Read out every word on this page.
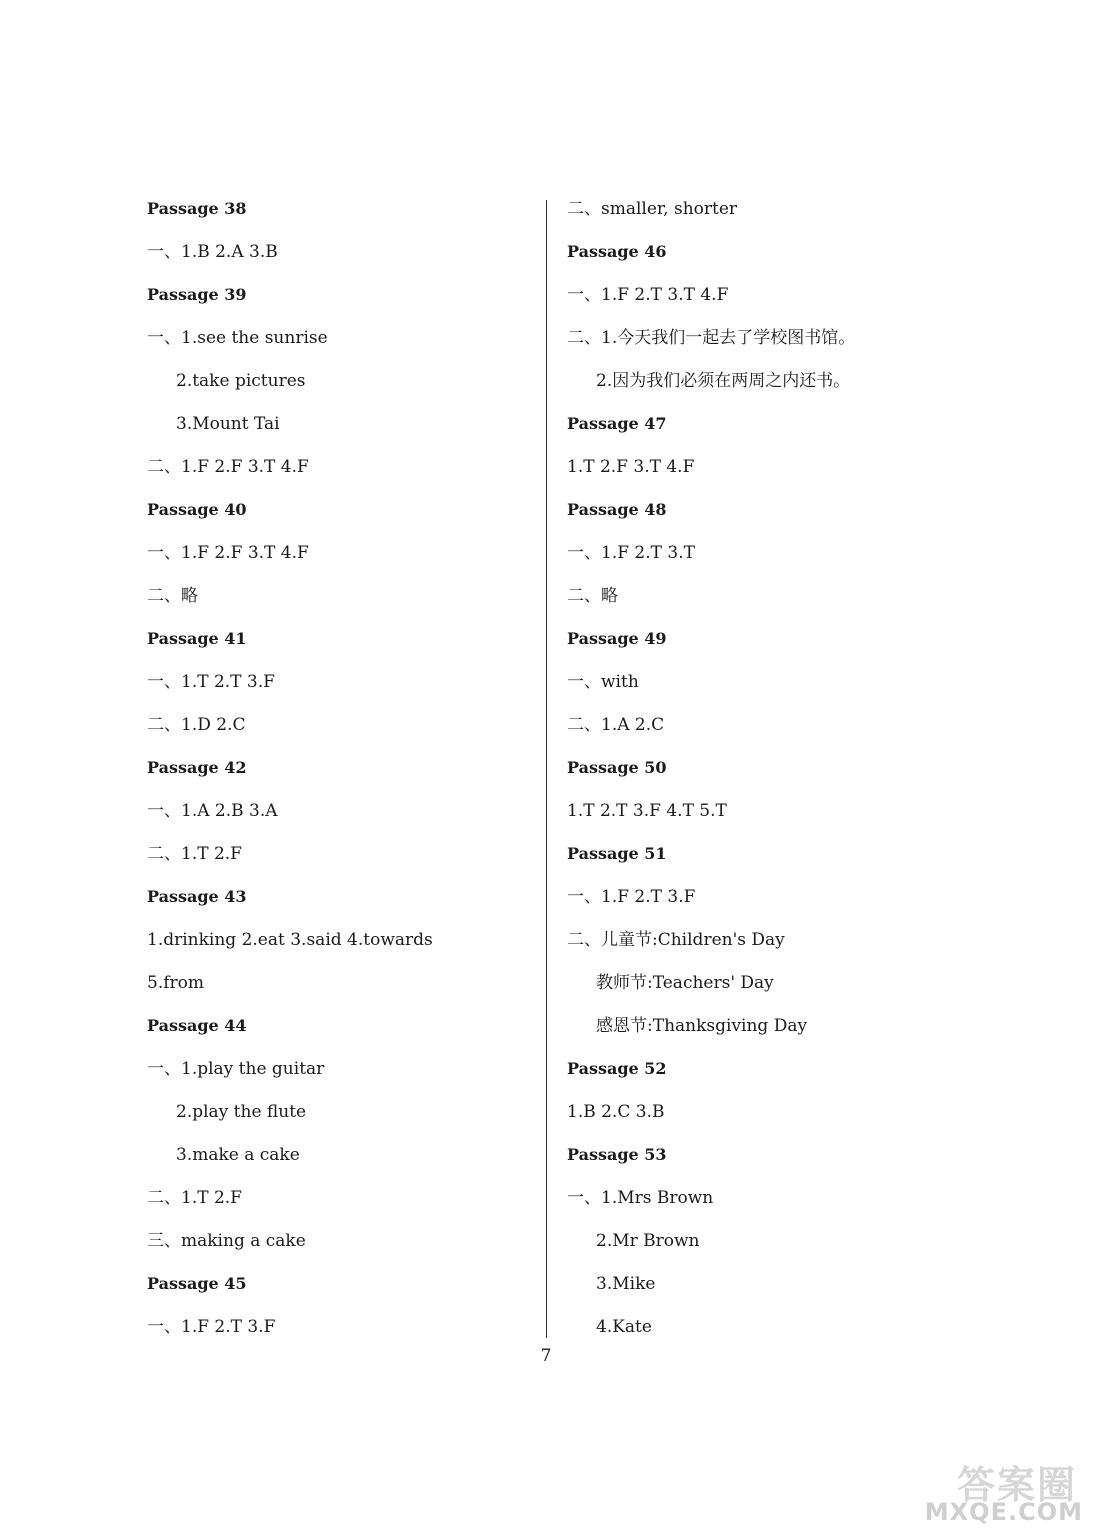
Passage 38
一、1.B 2.A 3.B
Passage 39
一、1.see the sunrise
2.take pictures
3.Mount Tai
二、1.F 2.F 3.T 4.F
Passage 40
一、1.F 2.F 3.T 4.F
二、略
Passage 41
一、1.T 2.T 3.F
二、1.D 2.C
Passage 42
一、1.A 2.B 3.A
二、1.T 2.F
Passage 43
1.drinking 2.eat 3.said 4.towards
5.from
Passage 44
一、1.play the guitar
2.play the flute
3.make a cake
二、1.T 2.F
三、making a cake
Passage 45
一、1.F 2.T 3.F
二、smaller, shorter
Passage 46
一、1.F 2.T 3.T 4.F
二、1.今天我们一起去了学校图书馆。
2.因为我们必须在两周之内还书。
Passage 47
1.T 2.F 3.T 4.F
Passage 48
一、1.F 2.T 3.T
二、略
Passage 49
一、with
二、1.A 2.C
Passage 50
1.T 2.T 3.F 4.T 5.T
Passage 51
一、1.F 2.T 3.F
二、儿童节:Children's Day
教师节:Teachers' Day
感恩节:Thanksgiving Day
Passage 52
1.B 2.C 3.B
Passage 53
一、1.Mrs Brown
2.Mr Brown
3.Mike
4.Kate
7
答案圈
MXQE.COM
